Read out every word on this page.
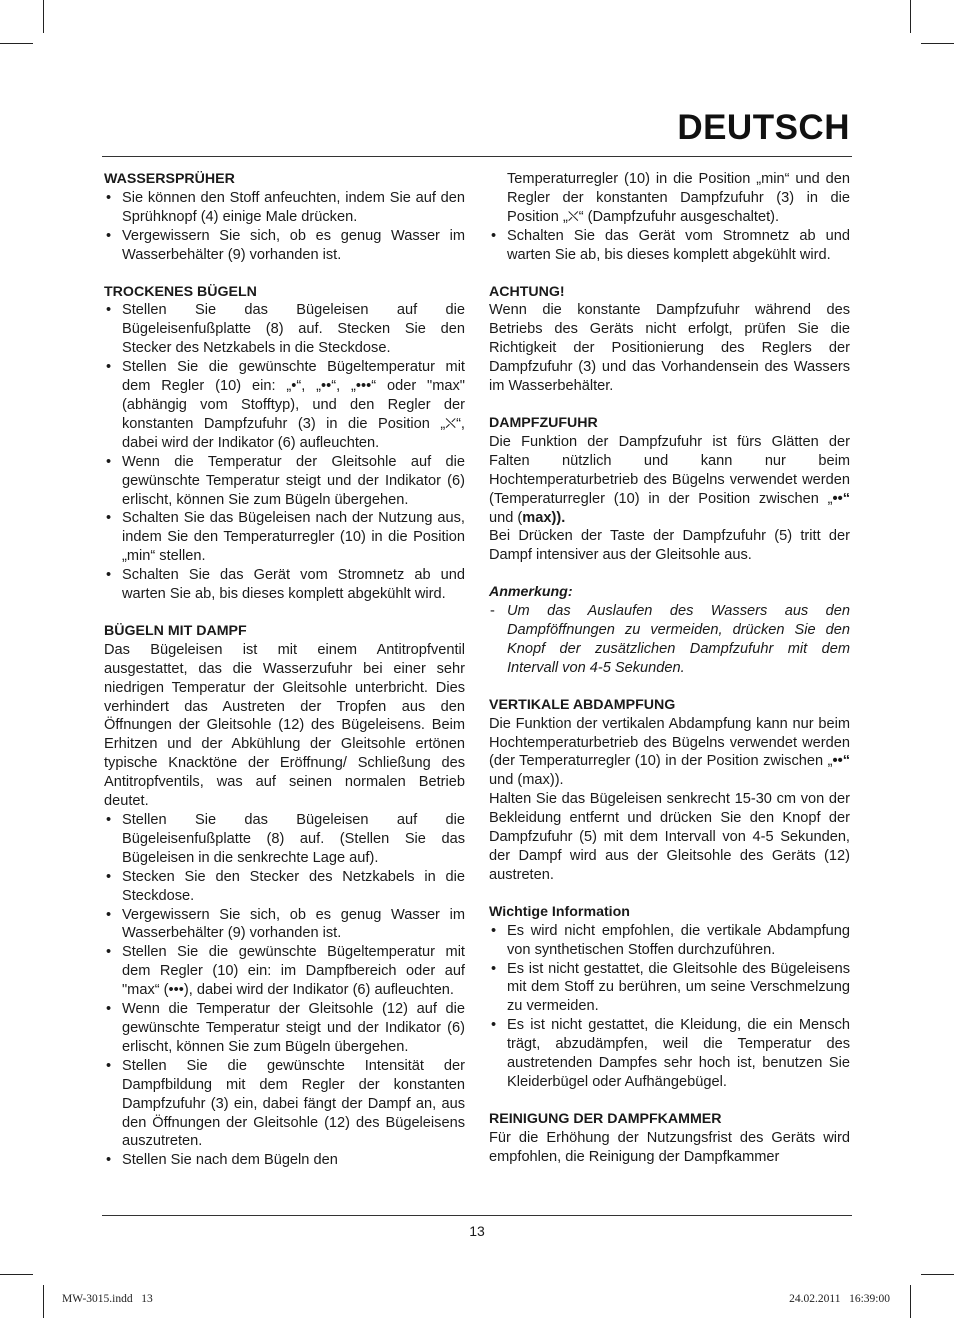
DEUTSCH
WASSERSPRÜHER
• Sie können den Stoff anfeuchten, indem Sie auf den Sprühknopf (4) einige Male drücken.
• Vergewissern Sie sich, ob es genug Wasser im Wasserbehälter (9) vorhanden ist.
TROCKENES BÜGELN
• Stellen Sie das Bügeleisen auf die Bügeleisenfußplatte (8) auf. Stecken Sie den Stecker des Netzkabels in die Steckdose.
• Stellen Sie die gewünschte Bügeltemperatur mit dem Regler (10) ein: „•“, „••“, „•••“ oder "max" (abhängig vom Stofftyp), und den Regler der konstanten Dampfzufuhr (3) in die Position „⛌“, dabei wird der Indikator (6) aufleuchten.
• Wenn die Temperatur der Gleitsohle auf die gewünschte Temperatur steigt und der Indikator (6) erlischt, können Sie zum Bügeln übergehen.
• Schalten Sie das Bügeleisen nach der Nutzung aus, indem Sie den Temperaturregler (10) in die Position „min“ stellen.
• Schalten Sie das Gerät vom Stromnetz ab und warten Sie ab, bis dieses komplett abgekühlt wird.
BÜGELN MIT DAMPF

Das Bügeleisen ist mit einem Antitropfventil ausgestattet, das die Wasserzufuhr bei einer sehr niedrigen Temperatur der Gleitsohle unterbricht. Dies verhindert das Austreten der Tropfen aus den Öffnungen der Gleitsohle (12) des Bügeleisens. Beim Erhitzen und der Abkühlung der Gleitsohle ertönen typische Knacktöne der Eröffnung/ Schließung des Antitropfventils, was auf seinen normalen Betrieb deutet.

• Stellen Sie das Bügeleisen auf die Bügeleisenfußplatte (8) auf. (Stellen Sie das Bügeleisen in die senkrechte Lage auf).
• Stecken Sie den Stecker des Netzkabels in die Steckdose.
• Vergewissern Sie sich, ob es genug Wasser im Wasserbehälter (9) vorhanden ist.
• Stellen Sie die gewünschte Bügeltemperatur mit dem Regler (10) ein: im Dampfbereich oder auf "max“ (•••), dabei wird der Indikator (6) aufleuchten.
• Wenn die Temperatur der Gleitsohle (12) auf die gewünschte Temperatur steigt und der Indikator (6) erlischt, können Sie zum Bügeln übergehen.
• Stellen Sie die gewünschte Intensität der Dampfbildung mit dem Regler der konstanten Dampfzufuhr (3) ein, dabei fängt der Dampf an, aus den Öffnungen der Gleitsohle (12) des Bügeleisens auszutreten.
• Stellen Sie nach dem Bügeln den
Temperaturregler (10) in die Position „min“ und den Regler der konstanten Dampfzufuhr (3) in die Position „⛌“ (Dampfzufuhr ausgeschaltet).
• Schalten Sie das Gerät vom Stromnetz ab und warten Sie ab, bis dieses komplett abgekühlt wird.
ACHTUNG!

Wenn die konstante Dampfzufuhr während des Betriebs des Geräts nicht erfolgt, prüfen Sie die Richtigkeit der Positionierung des Reglers der Dampfzufuhr (3) und das Vorhandensein des Wassers im Wasserbehälter.

DAMPFZUFUHR

Die Funktion der Dampfzufuhr ist fürs Glätten der Falten nützlich und kann nur beim Hochtemperaturbetrieb des Bügelns verwendet werden (Temperaturregler (10) in der Position zwischen „••“ und (max)).

Bei Drücken der Taste der Dampfzufuhr (5) tritt der Dampf intensiver aus der Gleitsohle aus.

Anmerkung:
- Um das Auslaufen des Wassers aus den Dampföffnungen zu vermeiden, drücken Sie den Knopf der zusätzlichen Dampfzufuhr mit dem Intervall von 4-5 Sekunden.
VERTIKALE ABDAMPFUNG

Die Funktion der vertikalen Abdampfung kann nur beim Hochtemperaturbetrieb des Bügelns verwendet werden (der Temperaturregler (10) in der Position zwischen „••“ und (max)).

Halten Sie das Bügeleisen senkrecht 15-30 cm von der Bekleidung entfernt und drücken Sie den Knopf der Dampfzufuhr (5) mit dem Intervall von 4-5 Sekunden, der Dampf wird aus der Gleitsohle des Geräts (12) austreten.

Wichtige Information
• Es wird nicht empfohlen, die vertikale Abdampfung von synthetischen Stoffen durchzuführen.
• Es ist nicht gestattet, die Gleitsohle des Bügeleisens mit dem Stoff zu berühren, um seine Verschmelzung zu vermeiden.
• Es ist nicht gestattet, die Kleidung, die ein Mensch trägt, abzudämpfen, weil die Temperatur des austretenden Dampfes sehr hoch ist, benutzen Sie Kleiderbügel oder Aufhängebügel.
REINIGUNG DER DAMPFKAMMER

Für die Erhöhung der Nutzungsfrist des Geräts wird empfohlen, die Reinigung der Dampfkammer

13
MW-3015.indd   13	24.02.2011   16:39:00
